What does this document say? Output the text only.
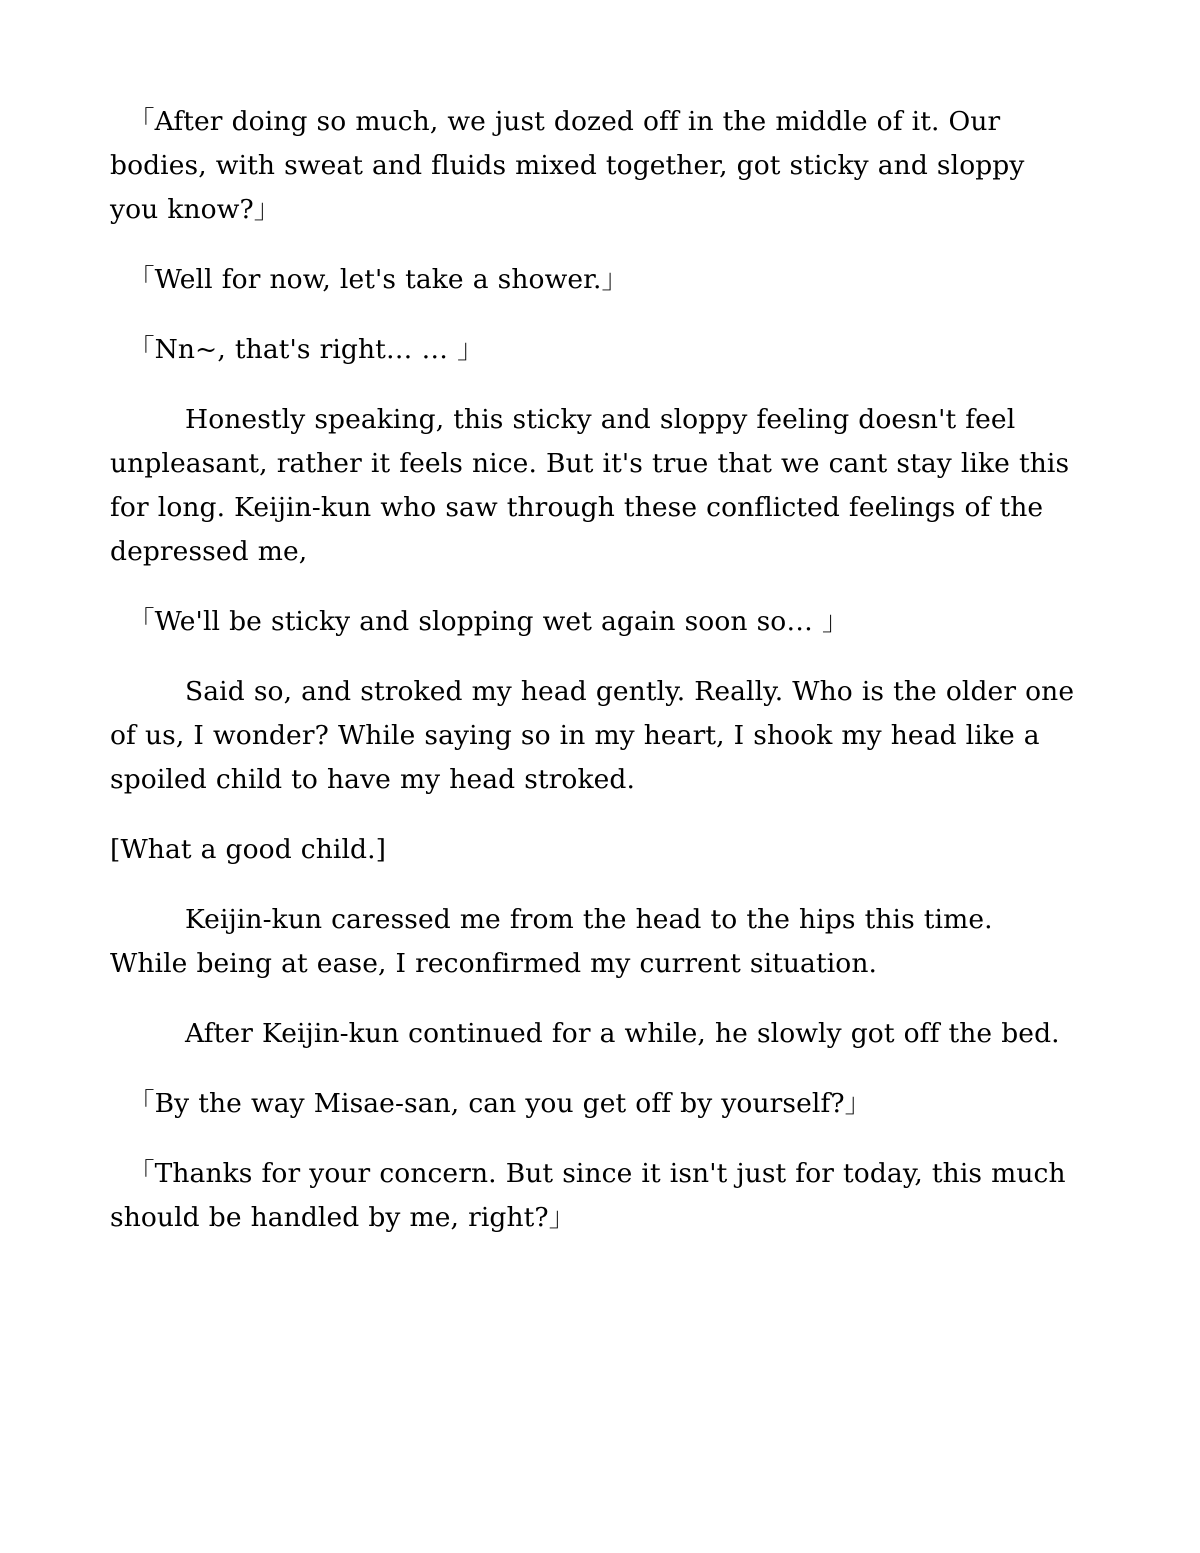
「After doing so much, we just dozed off in the middle of it. Our bodies, with sweat and fluids mixed together, got sticky and sloppy you know?」

「Well for now, let's take a shower.」

「Nn~, that's right… … 」

Honestly speaking, this sticky and sloppy feeling doesn't feel unpleasant, rather it feels nice. But it's true that we cant stay like this for long. Keijin-kun who saw through these conflicted feelings of the depressed me,

「We'll be sticky and slopping wet again soon so… 」

Said so, and stroked my head gently. Really. Who is the older one of us, I wonder? While saying so in my heart, I shook my head like a spoiled child to have my head stroked.

[What a good child.]

Keijin-kun caressed me from the head to the hips this time. While being at ease, I reconfirmed my current situation.

After Keijin-kun continued for a while, he slowly got off the bed.

「By the way Misae-san, can you get off by yourself?」

「Thanks for your concern. But since it isn't just for today, this much should be handled by me, right?」
